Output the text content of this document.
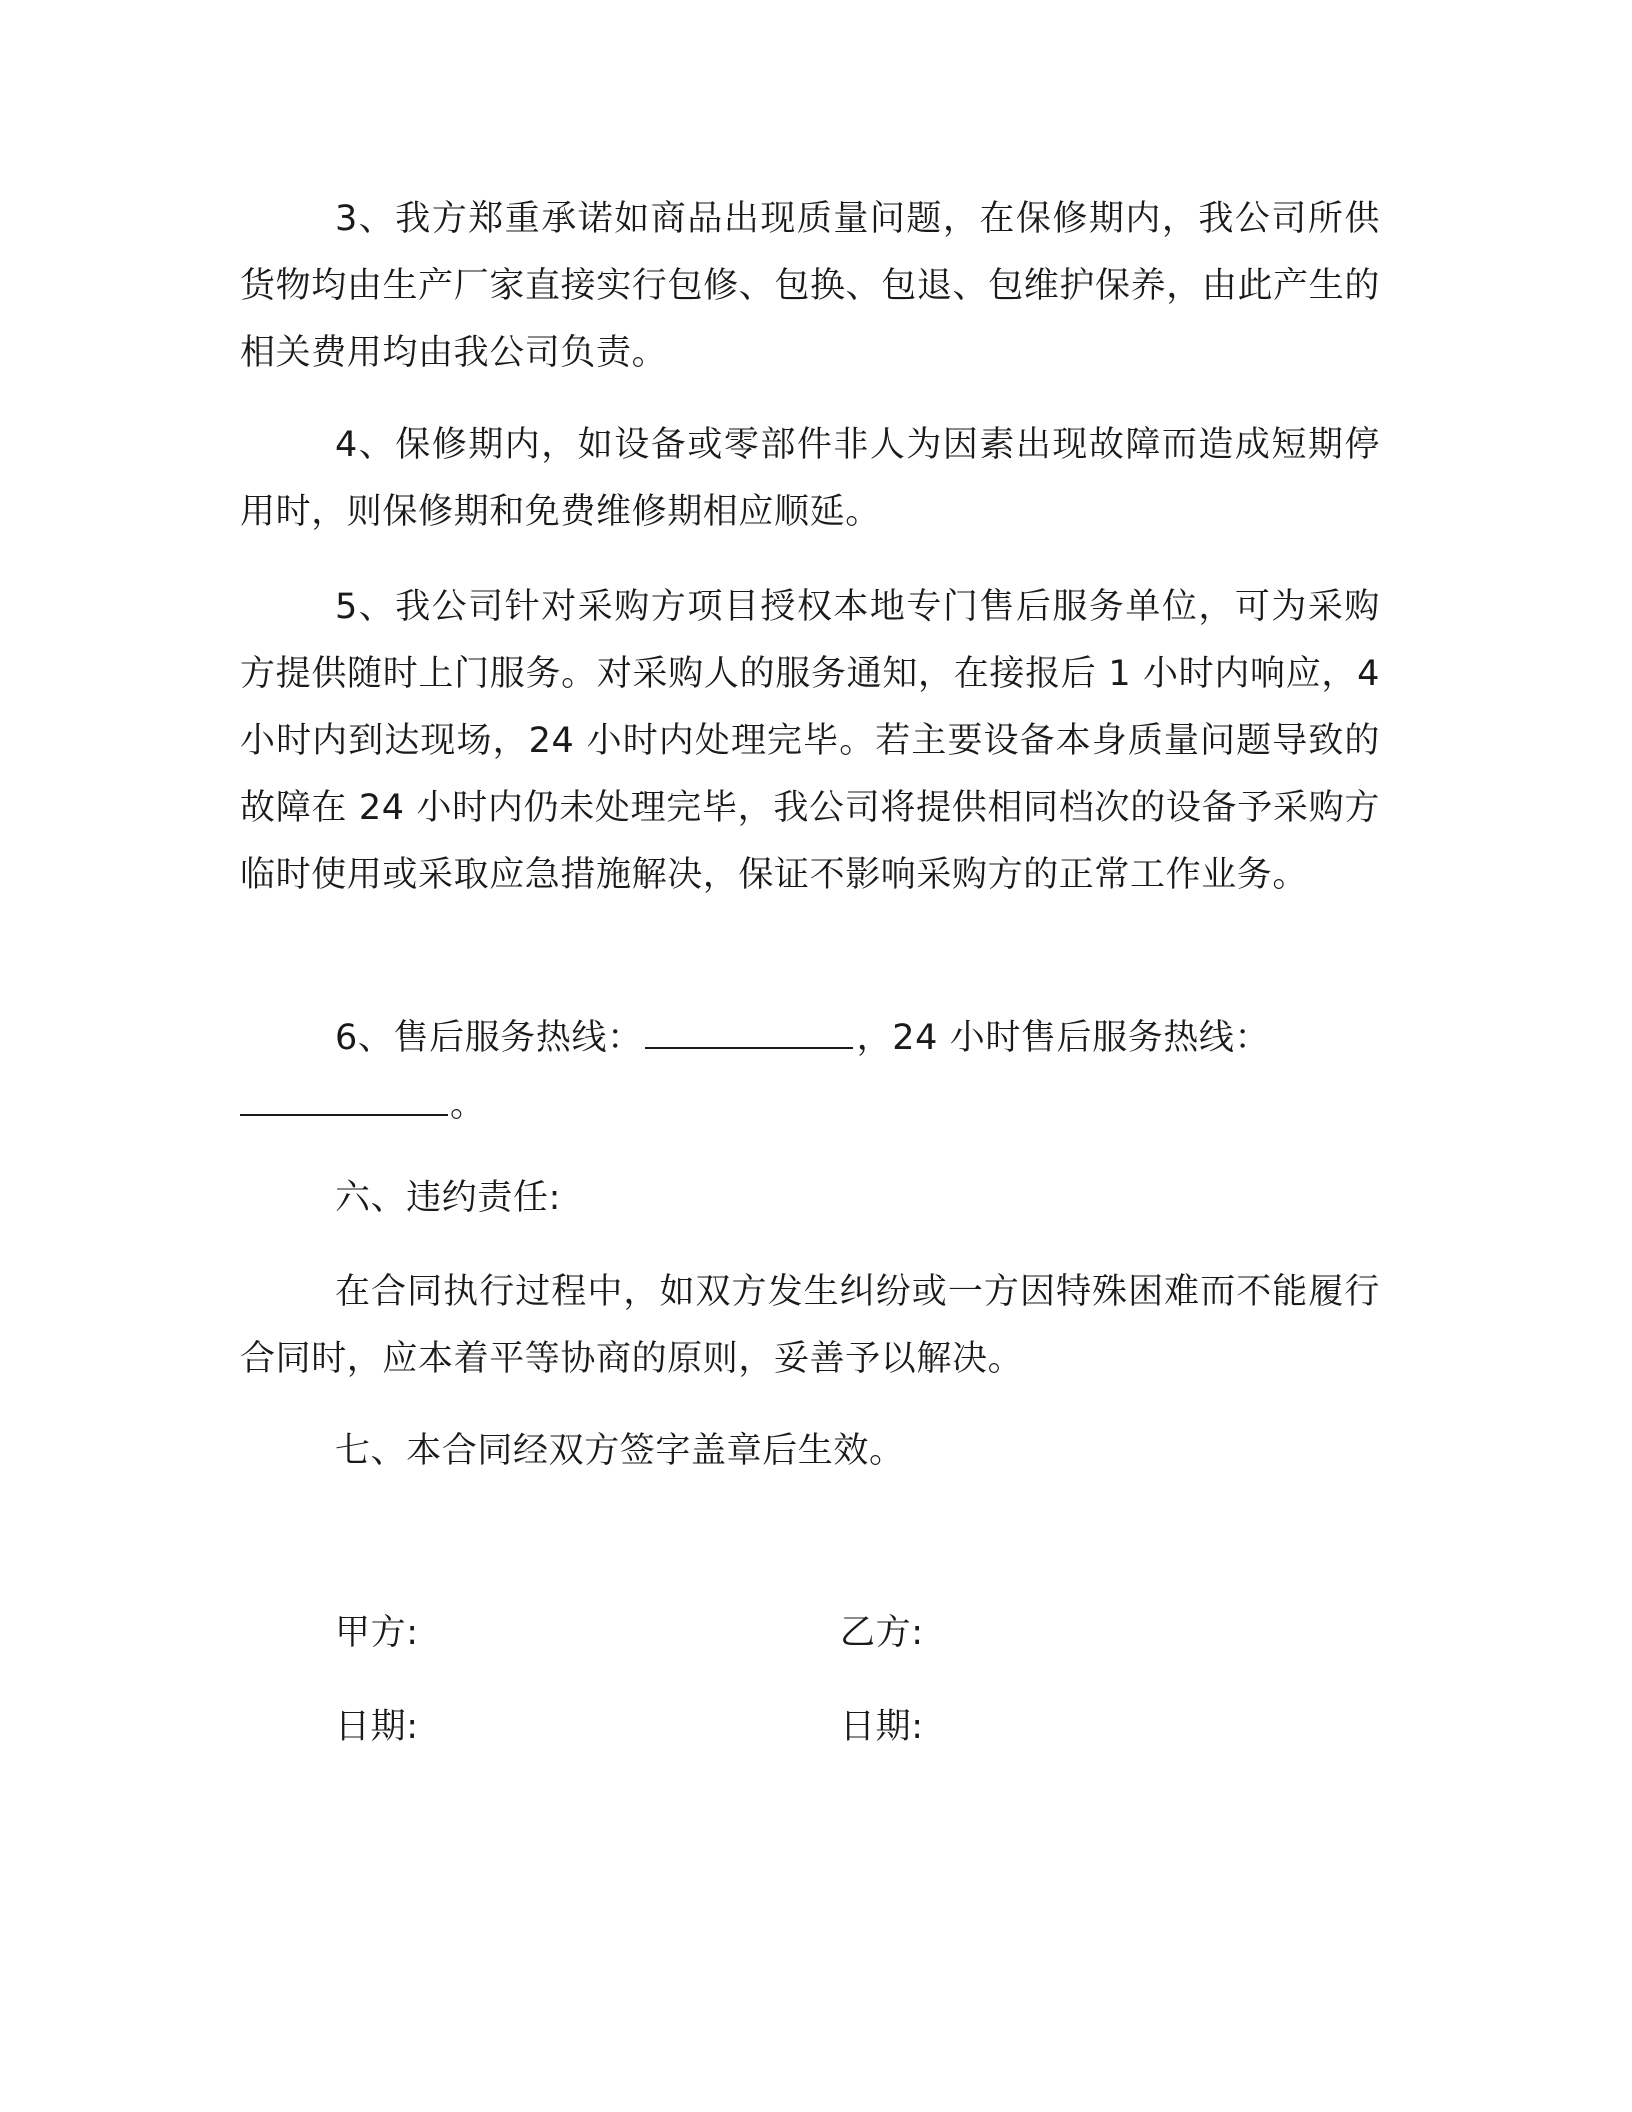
3、我方郑重承诺如商品出现质量问题，在保修期内，我公司所供货物均由生产厂家直接实行包修、包换、包退、包维护保养，由此产生的相关费用均由我公司负责。

4、保修期内，如设备或零部件非人为因素出现故障而造成短期停用时，则保修期和免费维修期相应顺延。

5、我公司针对采购方项目授权本地专门售后服务单位，可为采购方提供随时上门服务。对采购人的服务通知，在接报后 1 小时内响应，4 小时内到达现场，24 小时内处理完毕。若主要设备本身质量问题导致的故障在 24 小时内仍未处理完毕，我公司将提供相同档次的设备予采购方临时使用或采取应急措施解决，保证不影响采购方的正常工作业务。

6、售后服务热线：	，24 小时售后服务热线：
。

六、违约责任:

在合同执行过程中，如双方发生纠纷或一方因特殊困难而不能履行合同时，应本着平等协商的原则，妥善予以解决。

七、本合同经双方签字盖章后生效。

甲方:	乙方:

日期:	日期:
